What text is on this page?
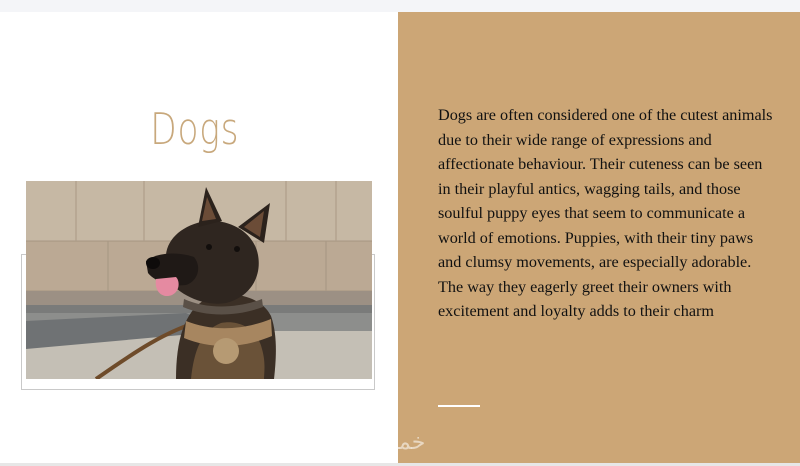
Dogs	Dogs are often considered one of the cutest animals due to their wide range of expressions and affectionate behaviour. Their cuteness can be seen in their playful antics, wagging tails, and those soulful puppy eyes that seem to communicate a world of emotions. Puppies, with their tiny paws and clumsy movements, are especially adorable. The way they eagerly greet their owners with excitement and loyalty adds to their charm

خمسات
